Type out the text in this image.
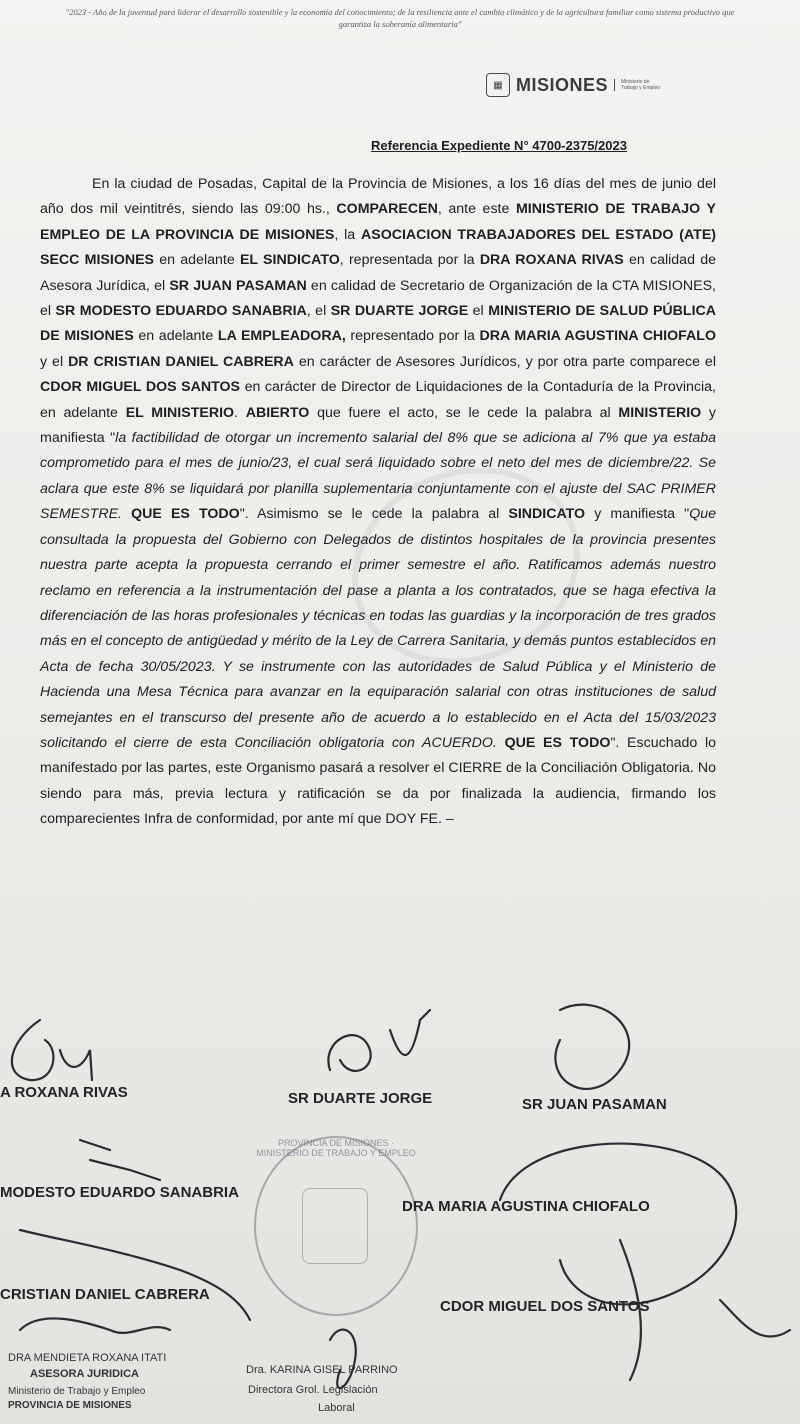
"2023 - Año de la juventud para liderar el desarrollo sostenible y la economía del conocimiento; de la resiliencia ante el cambio climático y de la agricultura familiar como sistema productivo que garantiza la soberanía alimentaria"
▦ MISIONES	Ministerio de Trabajo y Empleo
Referencia Expediente N° 4700-2375/2023

En la ciudad de Posadas, Capital de la Provincia de Misiones, a los 16 días del mes de junio del año dos mil veintitrés, siendo las 09:00 hs., COMPARECEN, ante este MINISTERIO DE TRABAJO Y EMPLEO DE LA PROVINCIA DE MISIONES, la ASOCIACION TRABAJADORES DEL ESTADO (ATE) SECC MISIONES en adelante EL SINDICATO, representada por la DRA ROXANA RIVAS en calidad de Asesora Jurídica, el SR JUAN PASAMAN en calidad de Secretario de Organización de la CTA MISIONES, el SR MODESTO EDUARDO SANABRIA, el SR DUARTE JORGE el MINISTERIO DE SALUD PÚBLICA DE MISIONES en adelante LA EMPLEADORA, representado por la DRA MARIA AGUSTINA CHIOFALO y el DR CRISTIAN DANIEL CABRERA en carácter de Asesores Jurídicos, y por otra parte comparece el CDOR MIGUEL DOS SANTOS en carácter de Director de Liquidaciones de la Contaduría de la Provincia, en adelante EL MINISTERIO. ABIERTO que fuere el acto, se le cede la palabra al MINISTERIO y manifiesta "la factibilidad de otorgar un incremento salarial del 8% que se adiciona al 7% que ya estaba comprometido para el mes de junio/23, el cual será liquidado sobre el neto del mes de diciembre/22. Se aclara que este 8% se liquidará por planilla suplementaria conjuntamente con el ajuste del SAC PRIMER SEMESTRE. QUE ES TODO". Asimismo se le cede la palabra al SINDICATO y manifiesta "Que consultada la propuesta del Gobierno con Delegados de distintos hospitales de la provincia presentes nuestra parte acepta la propuesta cerrando el primer semestre el año. Ratificamos además nuestro reclamo en referencia a la instrumentación del pase a planta a los contratados, que se haga efectiva la diferenciación de las horas profesionales y técnicas en todas las guardias y la incorporación de tres grados más en el concepto de antigüedad y mérito de la Ley de Carrera Sanitaria, y demás puntos establecidos en Acta de fecha 30/05/2023. Y se instrumente con las autoridades de Salud Pública y el Ministerio de Hacienda una Mesa Técnica para avanzar en la equiparación salarial con otras instituciones de salud semejantes en el transcurso del presente año de acuerdo a lo establecido en el Acta del 15/03/2023 solicitando el cierre de esta Conciliación obligatoria con ACUERDO. QUE ES TODO". Escuchado lo manifestado por las partes, este Organismo pasará a resolver el CIERRE de la Conciliación Obligatoria. No siendo para más, previa lectura y ratificación se da por finalizada la audiencia, firmando los comparecientes Infra de conformidad, por ante mí que DOY FE. –

PROVINCIA DE MISIONES · MINISTERIO DE TRABAJO Y EMPLEO
A ROXANA RIVAS	SR DUARTE JORGE	SR JUAN PASAMAN
MODESTO EDUARDO SANABRIA
DRA MARIA AGUSTINA CHIOFALO
CRISTIAN DANIEL CABRERA
CDOR MIGUEL DOS SANTOS
DRA MENDIETA ROXANA ITATI
ASESORA JURIDICA
Ministerio de Trabajo y Empleo
PROVINCIA DE MISIONES
Dra. KARINA GISEL PARRINO
Directora Grol. Legislación
Laboral
